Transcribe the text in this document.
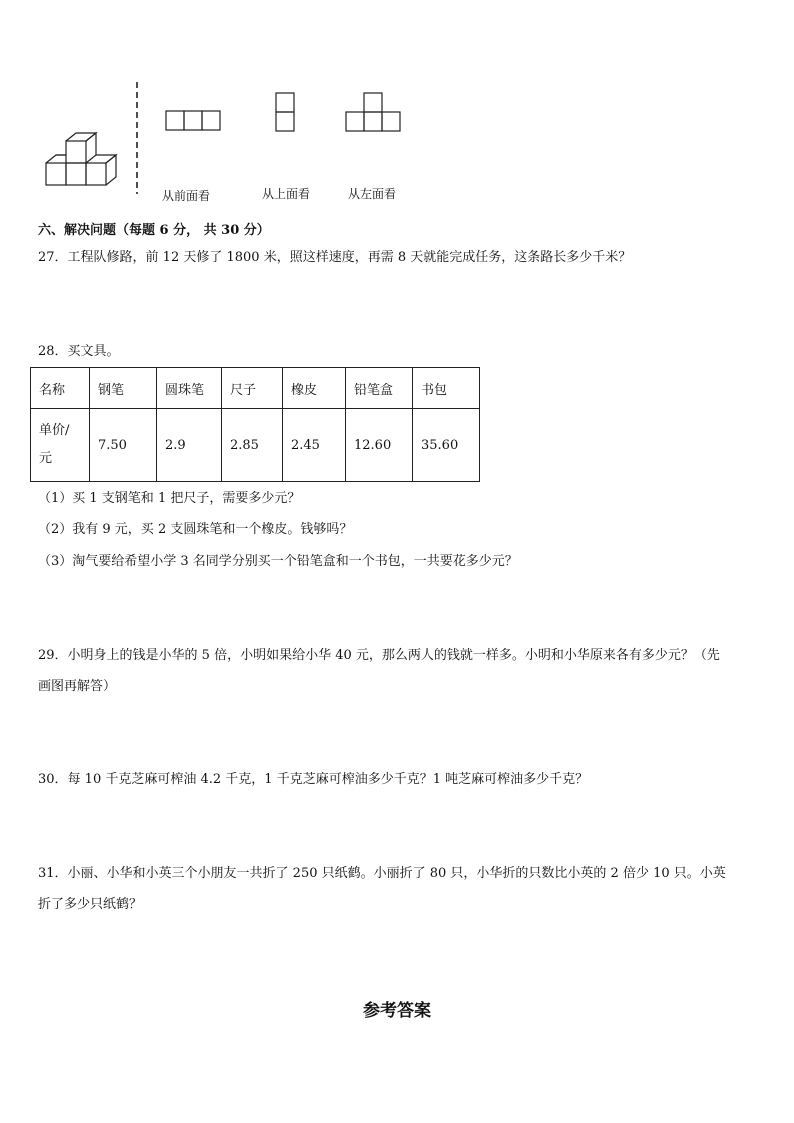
从前面看	从上面看	从左面看
六、解决问题（每题 6 分， 共 30 分）
27．工程队修路，前 12 天修了 1800 米，照这样速度，再需 8 天就能完成任务，这条路长多少千米？
28．买文具。
名称	钢笔	圆珠笔	尺子	橡皮	铅笔盒	书包
单价/
元	7.50	2.9	2.85	2.45	12.60	35.60
（1）买 1 支钢笔和 1 把尺子，需要多少元？
（2）我有 9 元，买 2 支圆珠笔和一个橡皮。钱够吗？
（3）淘气要给希望小学 3 名同学分别买一个铅笔盒和一个书包，一共要花多少元？
29．小明身上的钱是小华的 5 倍，小明如果给小华 40 元，那么两人的钱就一样多。小明和小华原来各有多少元？（先
画图再解答）
30．每 10 千克芝麻可榨油 4.2 千克，1 千克芝麻可榨油多少千克？1 吨芝麻可榨油多少千克？
31．小丽、小华和小英三个小朋友一共折了 250 只纸鹤。小丽折了 80 只，小华折的只数比小英的 2 倍少 10 只。小英
折了多少只纸鹤？
参考答案
